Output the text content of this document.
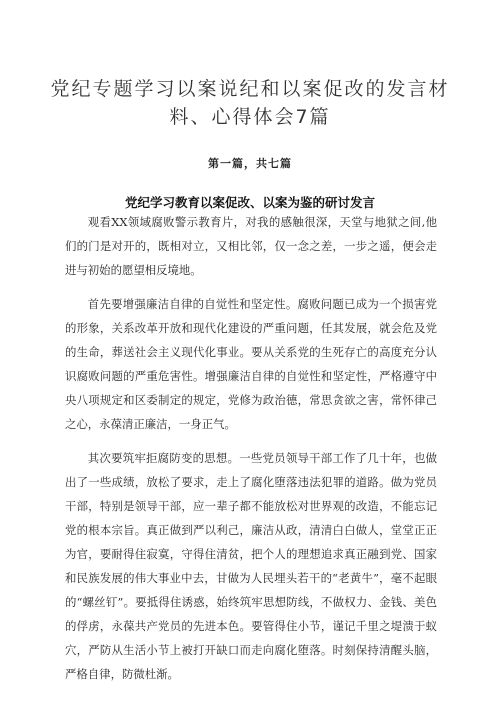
党纪专题学习以案说纪和以案促改的发言材料、心得体会7篇
第一篇，共七篇
党纪学习教育以案促改、以案为鉴的研讨发言

观看XX领域腐败警示教育片，对我的感触很深，天堂与地狱之间,他们的门是对开的，既相对立，又相比邻，仅一念之差，一步之遥，便会走进与初始的愿望相反境地。

首先要增强廉洁自律的自觉性和坚定性。腐败问题已成为一个损害党的形象，关系改革开放和现代化建设的严重问题，任其发展，就会危及党的生命，葬送社会主义现代化事业。要从关系党的生死存亡的高度充分认识腐败问题的严重危害性。增强廉洁自律的自觉性和坚定性，严格遵守中央八项规定和区委制定的规定，党修为政治德，常思贪欲之害，常怀律己之心，永葆清正廉洁，一身正气。

其次要筑牢拒腐防变的思想。一些党员领导干部工作了几十年，也做出了一些成绩，放松了要求，走上了腐化堕落违法犯罪的道路。做为党员干部，特别是领导干部，应一辈子都不能放松对世界观的改造，不能忘记党的根本宗旨。真正做到严以利己，廉洁从政，清清白白做人，堂堂正正为官，要耐得住寂寞，守得住清贫，把个人的理想追求真正融到党、国家和民族发展的伟大事业中去，甘做为人民埋头若干的“老黄牛”，毫不起眼的“螺丝钉”。要抵得住诱惑，始终筑牢思想防线，不做权力、金钱、美色的俘虏，永葆共产党员的先进本色。要管得住小节，谨记千里之堤溃于蚁穴，严防从生活小节上被打开缺口而走向腐化堕落。时刻保持清醒头脑，严格自律，防微杜渐。
